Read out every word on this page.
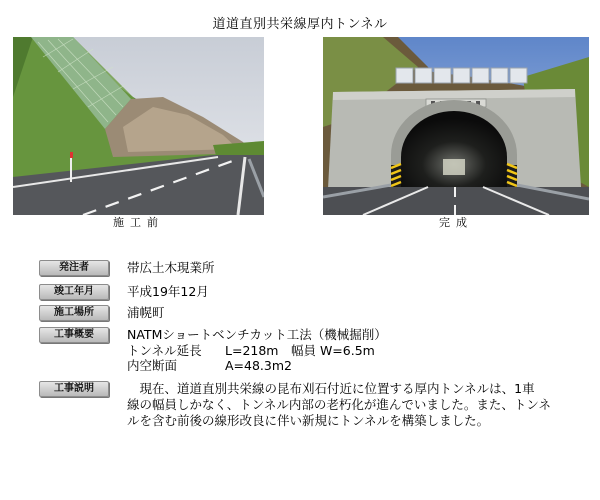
道道直別共栄線厚内トンネル
施工前	完成
発注者	帯広土木現業所
竣工年月	平成19年12月
施工場所	浦幌町
工事概要	NATMショートベンチカット工法（機械掘削）
トンネル延長	L=218m　幅員 W=6.5m
内空断面	A=48.3m2
工事説明	　現在、道道直別共栄線の昆布刈石付近に位置する厚内トンネルは、1車
線の幅員しかなく、トンネル内部の老朽化が進んでいました。また、トンネ
ルを含む前後の線形改良に伴い新規にトンネルを構築しました。
